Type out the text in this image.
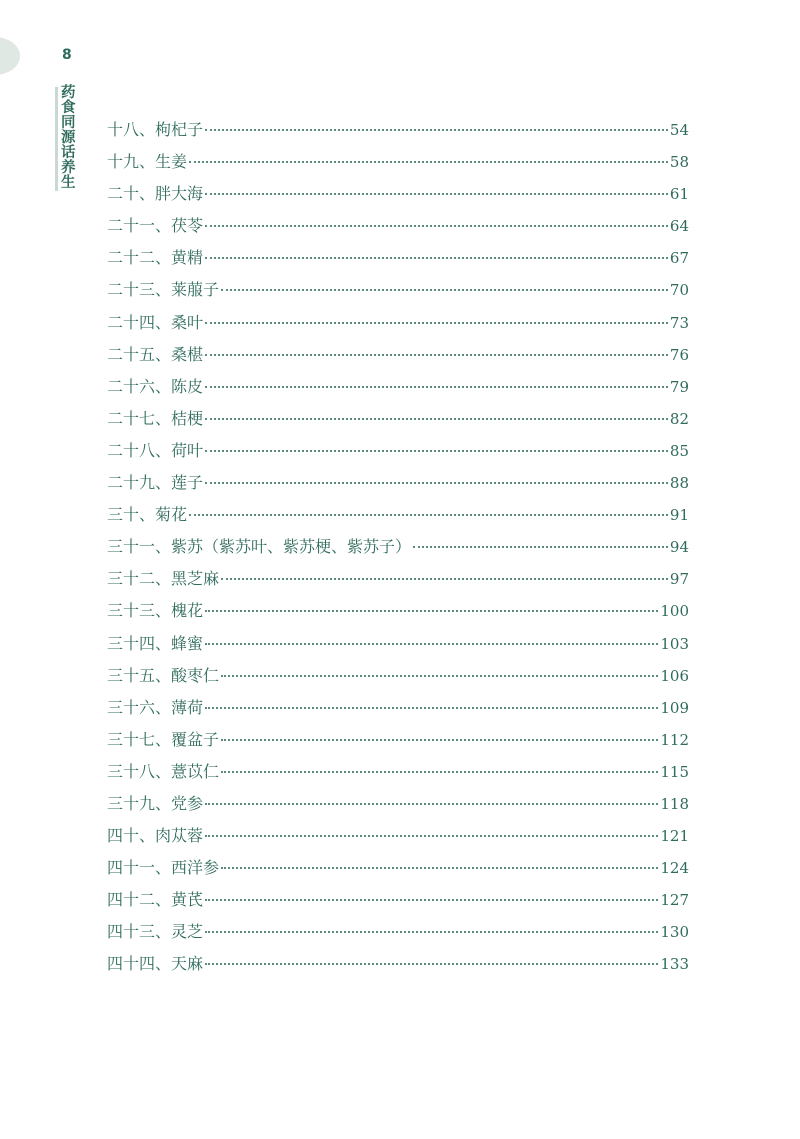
8
药食同源话养生
十八、枸杞子	54
十九、生姜	58
二十、胖大海	61
二十一、茯苓	64
二十二、黄精	67
二十三、莱菔子	70
二十四、桑叶	73
二十五、桑椹	76
二十六、陈皮	79
二十七、桔梗	82
二十八、荷叶	85
二十九、莲子	88
三十、菊花	91
三十一、紫苏（紫苏叶、紫苏梗、紫苏子）	94
三十二、黑芝麻	97
三十三、槐花	100
三十四、蜂蜜	103
三十五、酸枣仁	106
三十六、薄荷	109
三十七、覆盆子	112
三十八、薏苡仁	115
三十九、党参	118
四十、肉苁蓉	121
四十一、西洋参	124
四十二、黄芪	127
四十三、灵芝	130
四十四、天麻	133
